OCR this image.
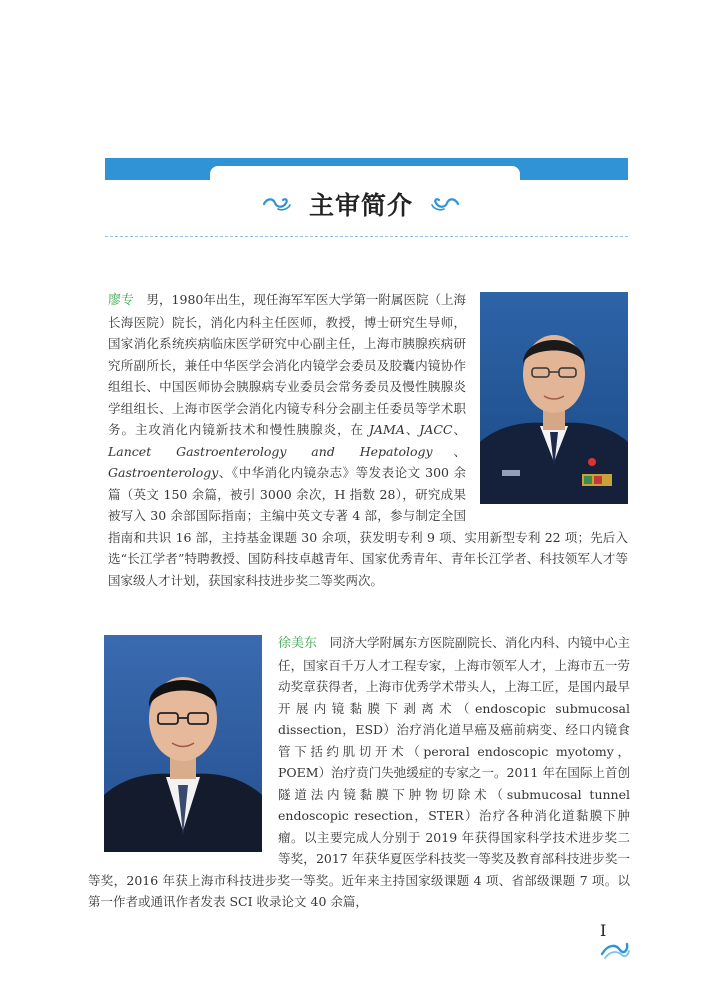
主审简介

廖专　男，1980年出生，现任海军军医大学第一附属医院（上海长海医院）院长，消化内科主任医师，教授，博士研究生导师，国家消化系统疾病临床医学研究中心副主任，上海市胰腺疾病研究所副所长，兼任中华医学会消化内镜学会委员及胶囊内镜协作组组长、中国医师协会胰腺病专业委员会常务委员及慢性胰腺炎学组组长、上海市医学会消化内镜专科分会副主任委员等学术职务。主攻消化内镜新技术和慢性胰腺炎，在 JAMA、JACC、Lancet Gastroenterology and Hepatology、Gastroenterology、《中华消化内镜杂志》等发表论文 300 余篇（英文 150 余篇，被引 3000 余次，H 指数 28），研究成果被写入 30 余部国际指南；主编中英文专著 4 部，参与制定全国指南和共识 16 部，主持基金课题 30 余项，获发明专利 9 项、实用新型专利 22 项；先后入选“长江学者”特聘教授、国防科技卓越青年、国家优秀青年、青年长江学者、科技领军人才等国家级人才计划，获国家科技进步奖二等奖两次。

徐美东　同济大学附属东方医院副院长、消化内科、内镜中心主任，国家百千万人才工程专家，上海市领军人才，上海市五一劳动奖章获得者，上海市优秀学术带头人，上海工匠，是国内最早开展内镜黏膜下剥离术（endoscopic submucosal dissection，ESD）治疗消化道早癌及癌前病变、经口内镜食管下括约肌切开术（peroral endoscopic myotomy，POEM）治疗贲门失弛缓症的专家之一。2011 年在国际上首创隧道法内镜黏膜下肿物切除术（submucosal tunnel endoscopic resection，STER）治疗各种消化道黏膜下肿瘤。以主要完成人分别于 2019 年获得国家科学技术进步奖二等奖，2017 年获华夏医学科技奖一等奖及教育部科技进步奖一等奖，2016 年获上海市科技进步奖一等奖。近年来主持国家级课题 4 项、省部级课题 7 项。以第一作者或通讯作者发表 SCI 收录论文 40 余篇，

I
